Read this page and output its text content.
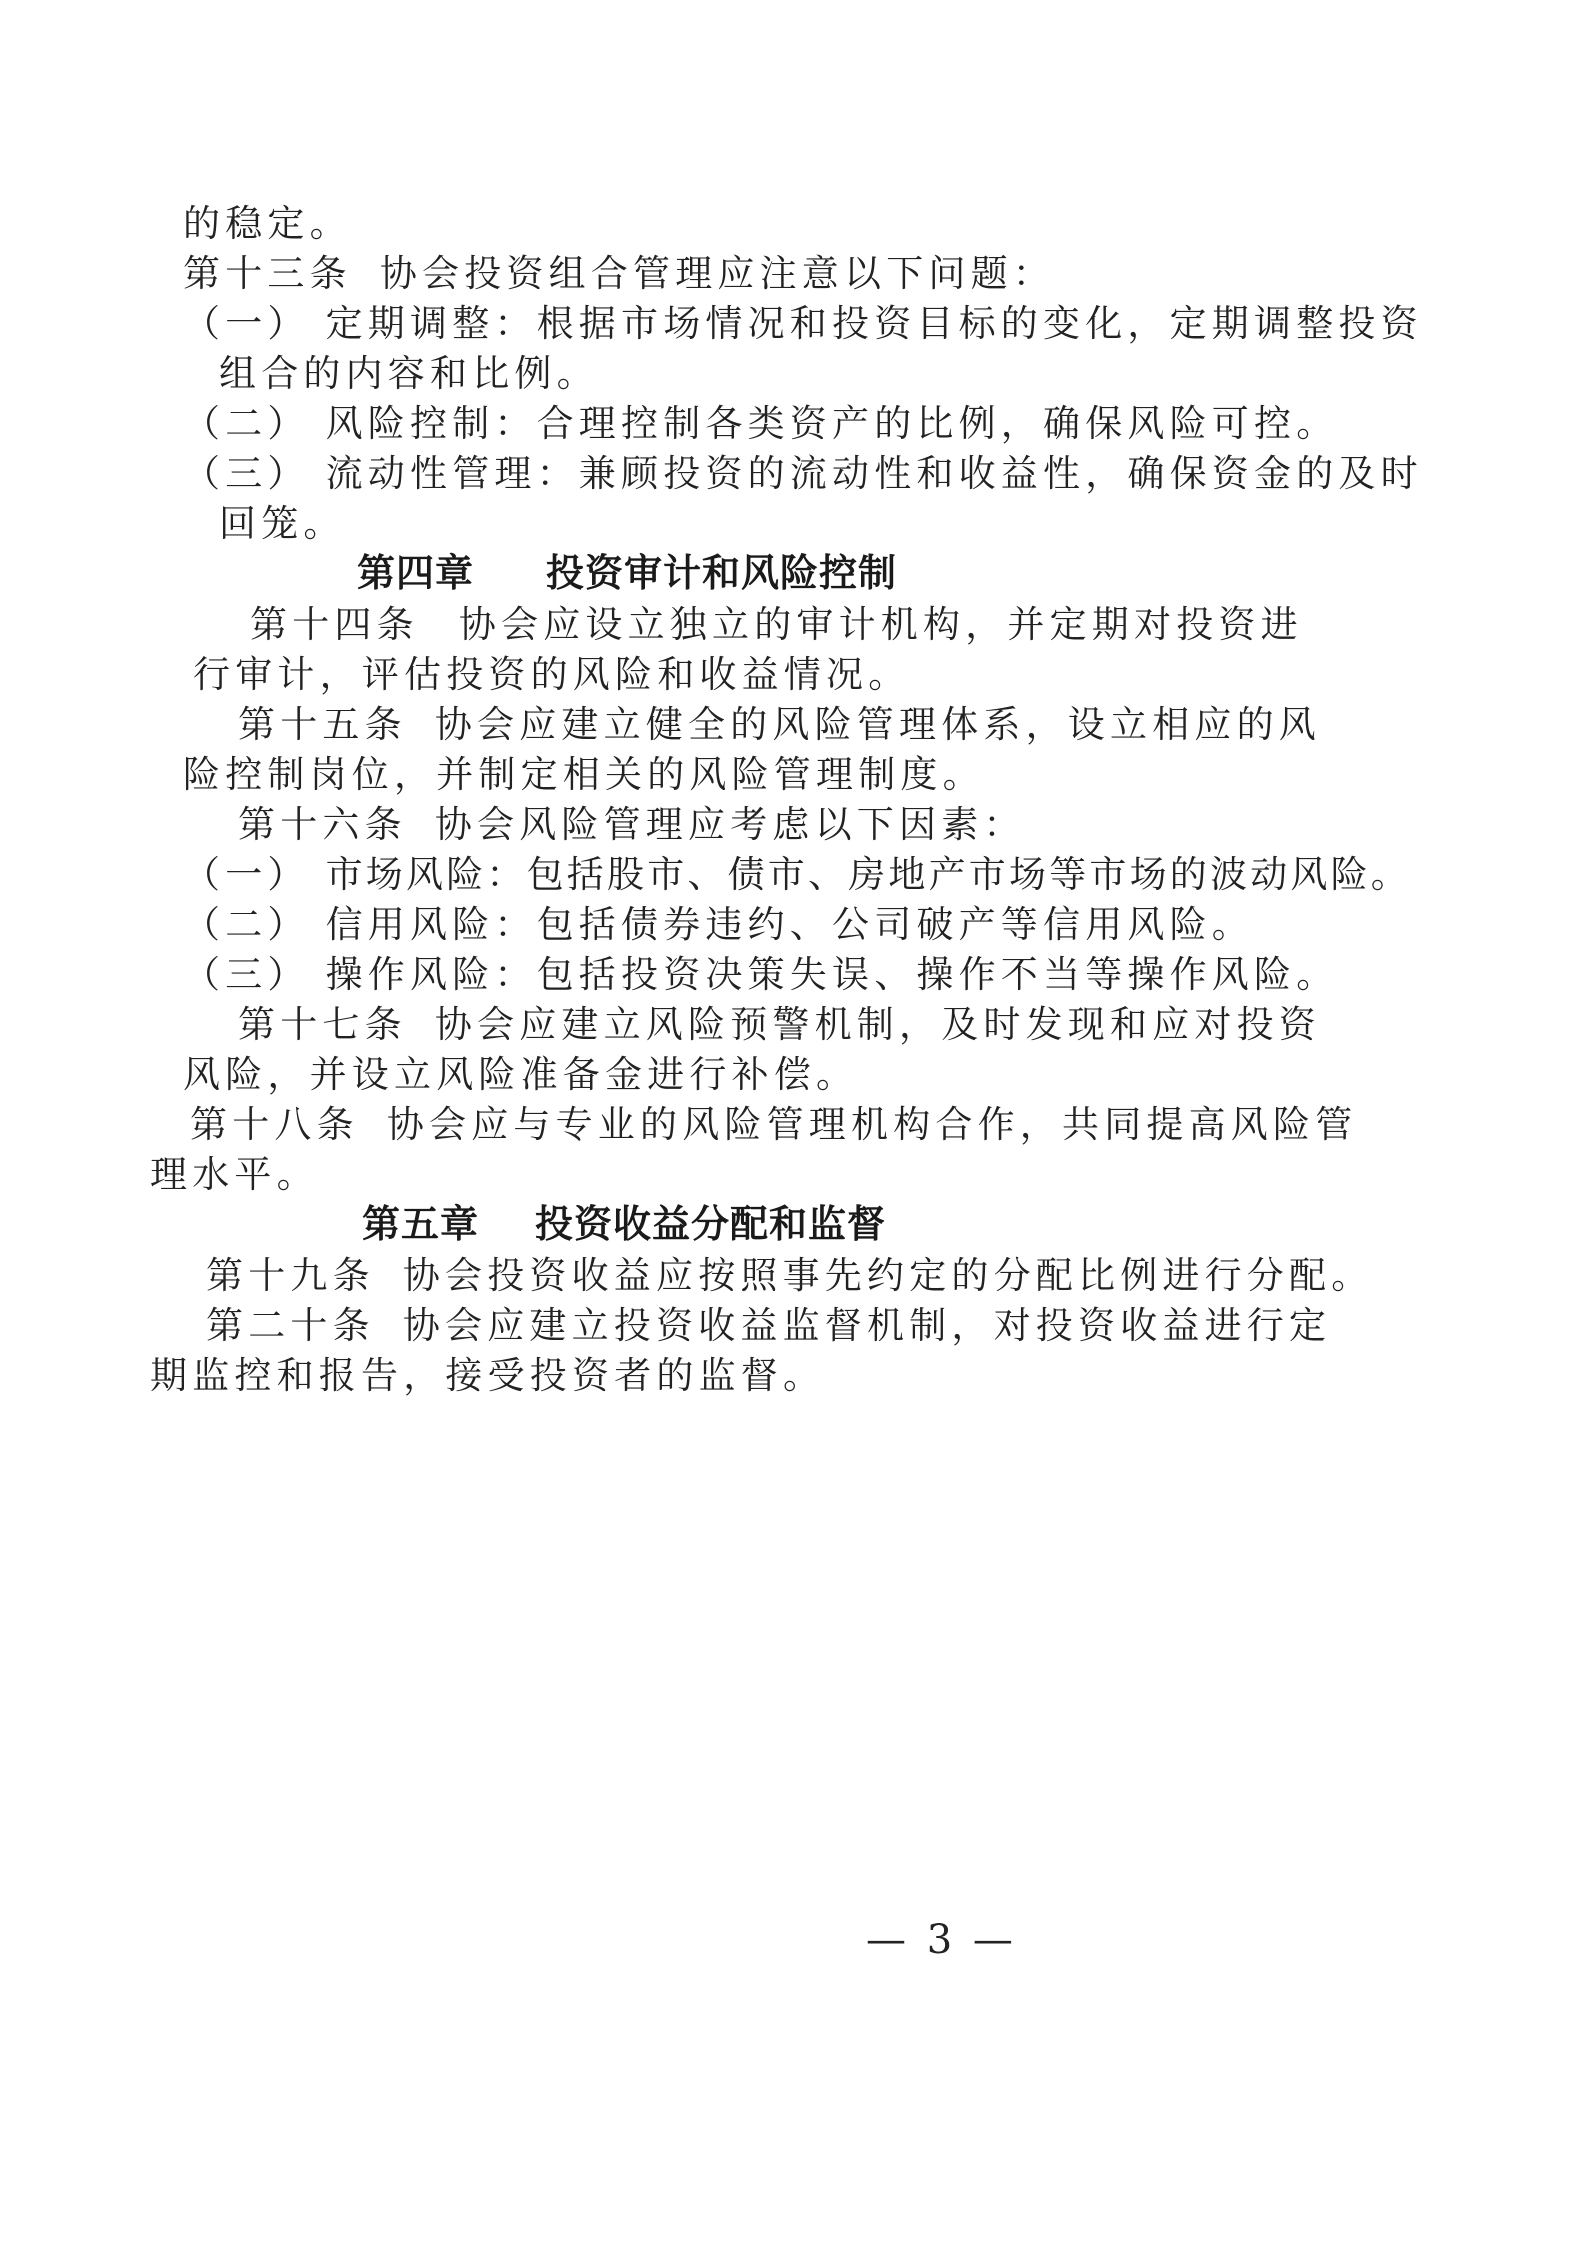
的稳定。
第十三条 协会投资组合管理应注意以下问题：
（一） 定期调整：根据市场情况和投资目标的变化，定期调整投资
组合的内容和比例。
（二） 风险控制：合理控制各类资产的比例，确保风险可控。
（三） 流动性管理：兼顾投资的流动性和收益性，确保资金的及时
回笼。
第四章 投资审计和风险控制
第十四条 协会应设立独立的审计机构，并定期对投资进
行审计，评估投资的风险和收益情况。
第十五条 协会应建立健全的风险管理体系，设立相应的风
险控制岗位，并制定相关的风险管理制度。
第十六条 协会风险管理应考虑以下因素：
（一） 市场风险：包括股市、债市、房地产市场等市场的波动风险。
（二） 信用风险：包括债券违约、公司破产等信用风险。
（三） 操作风险：包括投资决策失误、操作不当等操作风险。
第十七条 协会应建立风险预警机制，及时发现和应对投资
风险，并设立风险准备金进行补偿。
第十八条 协会应与专业的风险管理机构合作，共同提高风险管
理水平。
第五章 投资收益分配和监督
第十九条 协会投资收益应按照事先约定的分配比例进行分配。
第二十条 协会应建立投资收益监督机制，对投资收益进行定
期监控和报告，接受投资者的监督。
— 3 —
